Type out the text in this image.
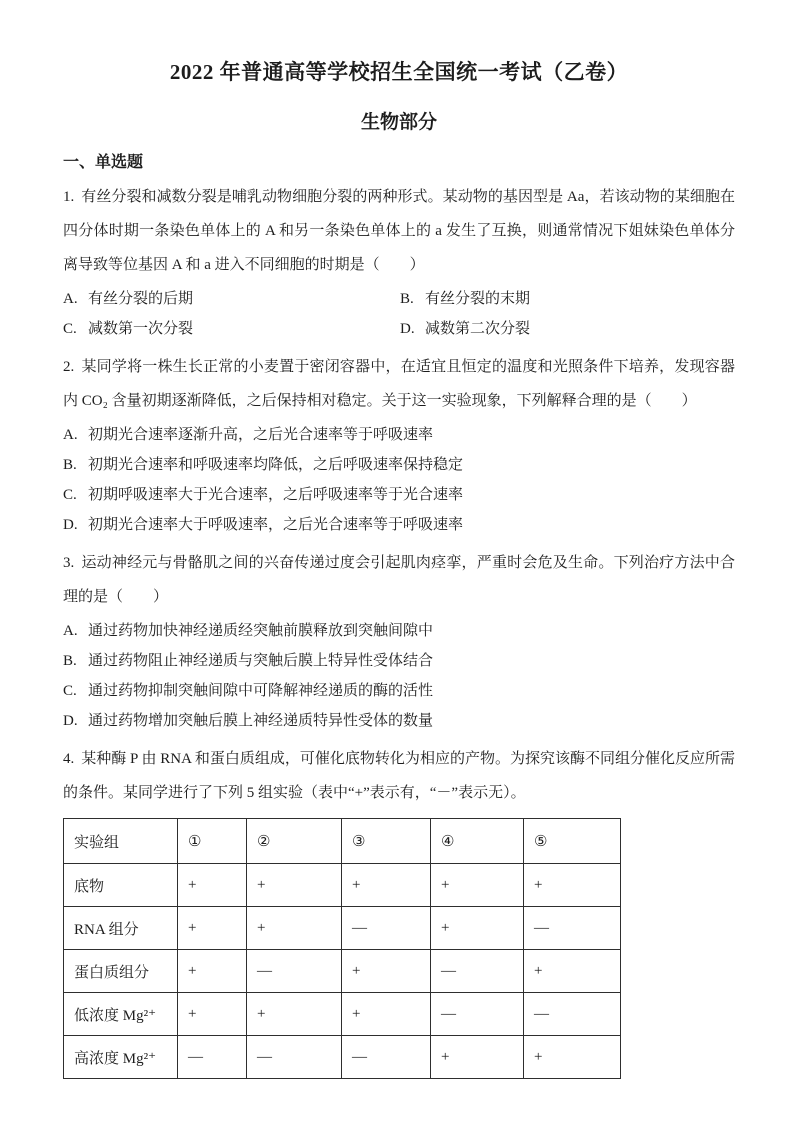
2022 年普通高等学校招生全国统一考试（乙卷）
生物部分
一、单选题

1. 有丝分裂和减数分裂是哺乳动物细胞分裂的两种形式。某动物的基因型是 Aa，若该动物的某细胞在四分体时期一条染色单体上的 A 和另一条染色单体上的 a 发生了互换，则通常情况下姐妹染色单体分离导致等位基因 A 和 a 进入不同细胞的时期是（　　）

A. 有丝分裂的后期	B. 有丝分裂的末期
C. 减数第一次分裂	D. 减数第二次分裂

2. 某同学将一株生长正常的小麦置于密闭容器中，在适宜且恒定的温度和光照条件下培养，发现容器内 CO₂ 含量初期逐渐降低，之后保持相对稳定。关于这一实验现象，下列解释合理的是（　　）

A. 初期光合速率逐渐升高，之后光合速率等于呼吸速率
B. 初期光合速率和呼吸速率均降低，之后呼吸速率保持稳定
C. 初期呼吸速率大于光合速率，之后呼吸速率等于光合速率
D. 初期光合速率大于呼吸速率，之后光合速率等于呼吸速率

3. 运动神经元与骨骼肌之间的兴奋传递过度会引起肌肉痉挛，严重时会危及生命。下列治疗方法中合理的是（　　）

A. 通过药物加快神经递质经突触前膜释放到突触间隙中
B. 通过药物阻止神经递质与突触后膜上特异性受体结合
C. 通过药物抑制突触间隙中可降解神经递质的酶的活性
D. 通过药物增加突触后膜上神经递质特异性受体的数量

4. 某种酶 P 由 RNA 和蛋白质组成，可催化底物转化为相应的产物。为探究该酶不同组分催化反应所需的条件。某同学进行了下列 5 组实验（表中“+”表示有，“－”表示无）。

实验组	①	②	③	④	⑤
底物	+	+	+	+	+
RNA 组分	+	+	—	+	—
蛋白质组分	+	—	+	—	+
低浓度 Mg²⁺	+	+	+	—	—
高浓度 Mg²⁺	—	—	—	+	+
